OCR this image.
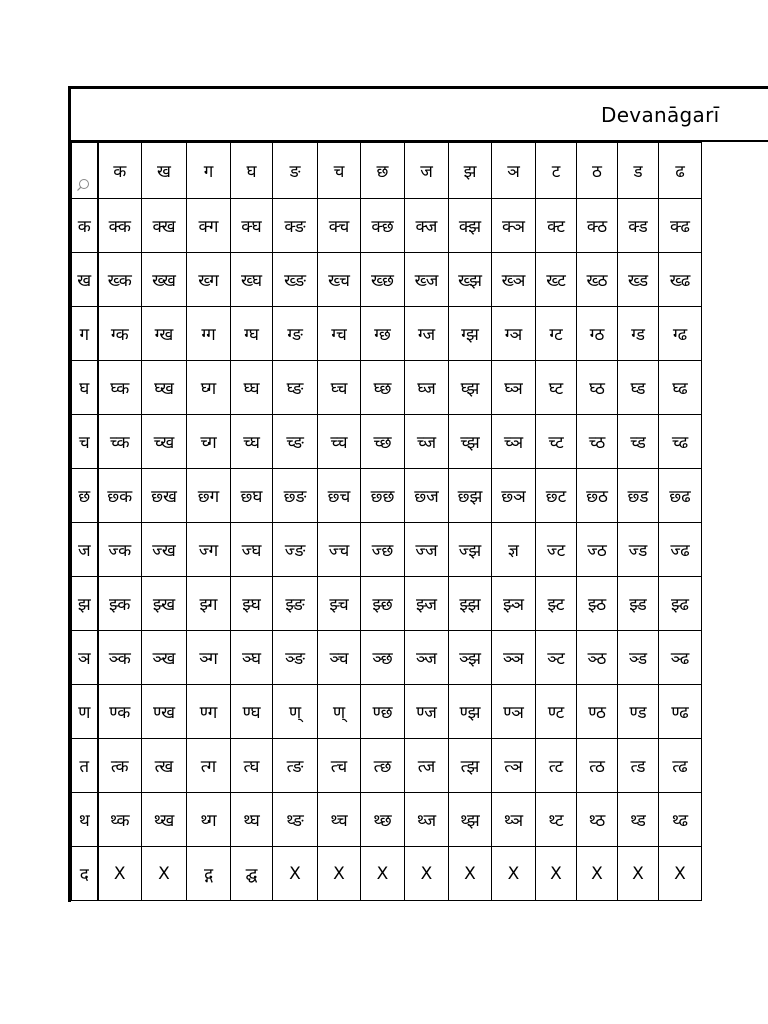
Devanāgarī
	क	ख	ग	घ	ङ	च	छ	ज	झ	ञ	ट	ठ	ड	ढ
क	क्क	क्ख	क्ग	क्घ	क्ङ	क्च	क्छ	क्ज	क्झ	क्ञ	क्ट	क्ठ	क्ड	क्ढ
ख	ख्क	ख्ख	ख्ग	ख्घ	ख्ङ	ख्च	ख्छ	ख्ज	ख्झ	ख्ञ	ख्ट	ख्ठ	ख्ड	ख्ढ
ग	ग्क	ग्ख	ग्ग	ग्घ	ग्ङ	ग्च	ग्छ	ग्ज	ग्झ	ग्ञ	ग्ट	ग्ठ	ग्ड	ग्ढ
घ	घ्क	घ्ख	घ्ग	घ्घ	घ्ङ	घ्च	घ्छ	घ्ज	घ्झ	घ्ञ	घ्ट	घ्ठ	घ्ड	घ्ढ
च	च्क	च्ख	च्ग	च्घ	च्ङ	च्च	च्छ	च्ज	च्झ	च्ञ	च्ट	च्ठ	च्ड	च्ढ
छ	छ्क	छ्ख	छ्ग	छ्घ	छ्ङ	छ्च	छ्छ	छ्ज	छ्झ	छ्ञ	छ्ट	छ्ठ	छ्ड	छ्ढ
ज	ज्क	ज्ख	ज्ग	ज्घ	ज्ङ	ज्च	ज्छ	ज्ज	ज्झ	ज्ञ	ज्ट	ज्ठ	ज्ड	ज्ढ
झ	झ्क	झ्ख	झ्ग	झ्घ	झ्ङ	झ्च	झ्छ	झ्ज	झ्झ	झ्ञ	झ्ट	झ्ठ	झ्ड	झ्ढ
ञ	ञ्क	ञ्ख	ञ्ग	ञ्घ	ञ्ङ	ञ्च	ञ्छ	ञ्ज	ञ्झ	ञ्ञ	ञ्ट	ञ्ठ	ञ्ड	ञ्ढ
ण	ण्क	ण्ख	ण्ग	ण्घ	ण्	ण्	ण्छ	ण्ज	ण्झ	ण्ञ	ण्ट	ण्ठ	ण्ड	ण्ढ
त	त्क	त्ख	त्ग	त्घ	त्ङ	त्च	त्छ	त्ज	त्झ	त्ञ	त्ट	त्ठ	त्ड	त्ढ
थ	थ्क	थ्ख	थ्ग	थ्घ	थ्ङ	थ्च	थ्छ	थ्ज	थ्झ	थ्ञ	थ्ट	थ्ठ	थ्ड	थ्ढ
द	X	X	द्ग	द्घ	X	X	X	X	X	X	X	X	X	X
